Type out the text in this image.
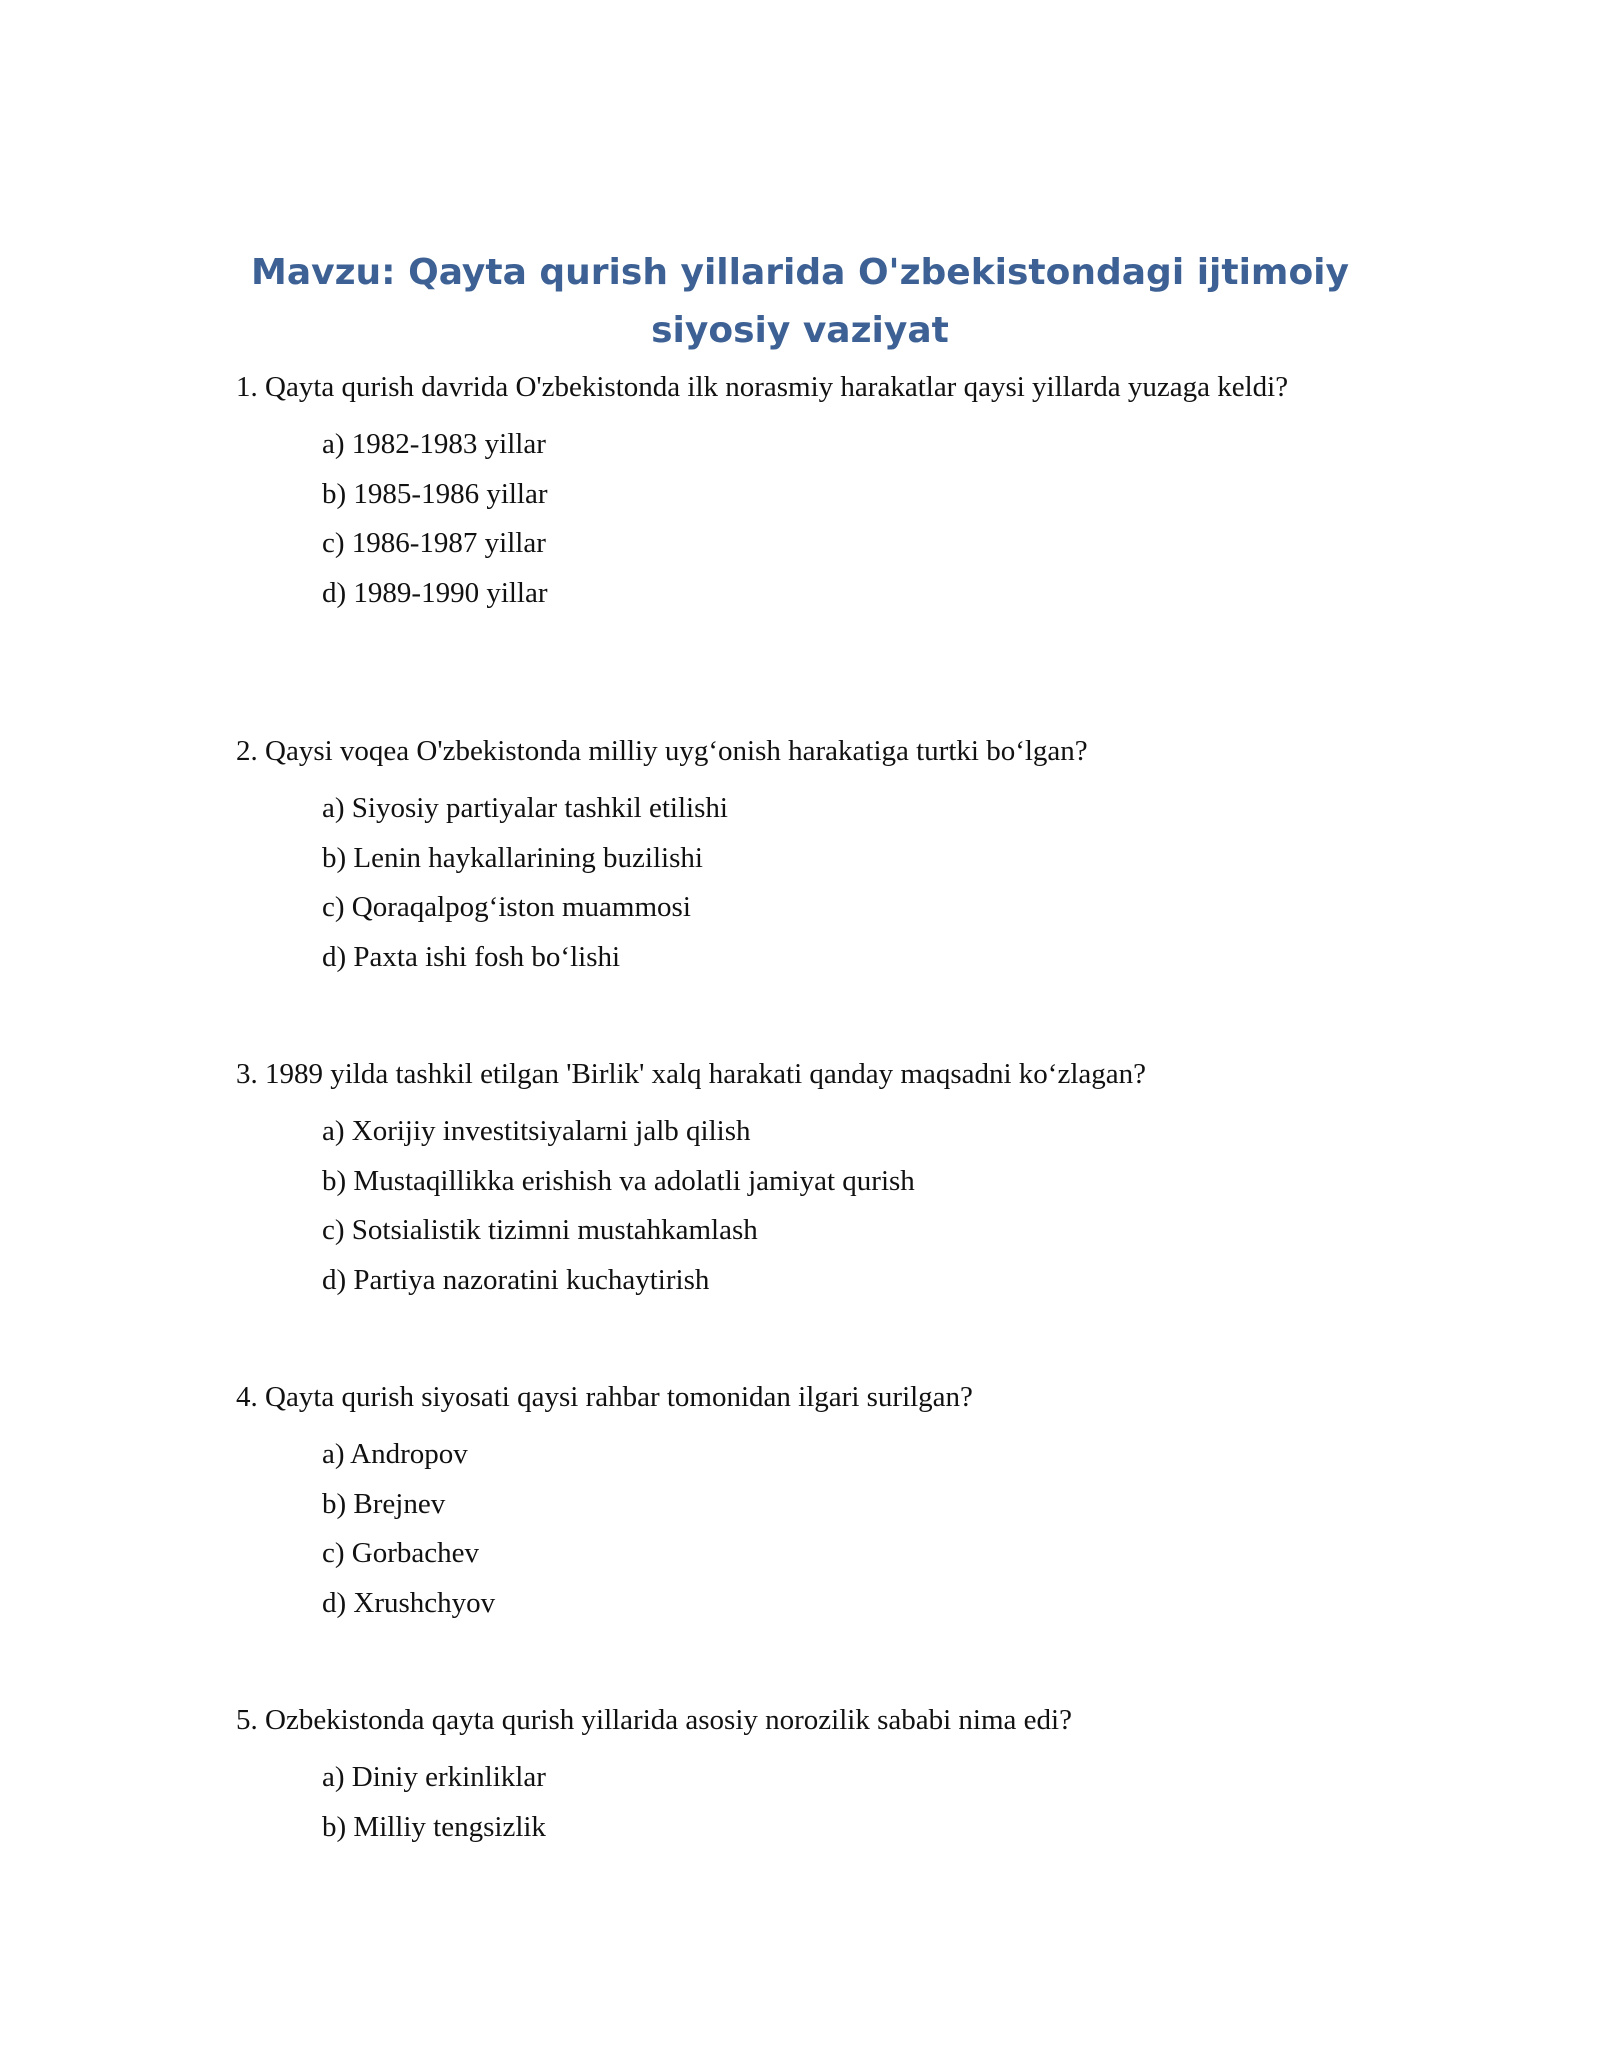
Mavzu: Qayta qurish yillarida O'zbekistondagi ijtimoiy siyosiy vaziyat

1. Qayta qurish davrida O'zbekistonda ilk norasmiy harakatlar qaysi yillarda yuzaga keldi?

a) 1982-1983 yillar
b) 1985-1986 yillar
c) 1986-1987 yillar
d) 1989-1990 yillar

2. Qaysi voqea O'zbekistonda milliy uyg‘onish harakatiga turtki bo‘lgan?

a) Siyosiy partiyalar tashkil etilishi
b) Lenin haykallarining buzilishi
c) Qoraqalpog‘iston muammosi
d) Paxta ishi fosh bo‘lishi

3. 1989 yilda tashkil etilgan 'Birlik' xalq harakati qanday maqsadni ko‘zlagan?

a) Xorijiy investitsiyalarni jalb qilish
b) Mustaqillikka erishish va adolatli jamiyat qurish
c) Sotsialistik tizimni mustahkamlash
d) Partiya nazoratini kuchaytirish

4. Qayta qurish siyosati qaysi rahbar tomonidan ilgari surilgan?

a) Andropov
b) Brejnev
c) Gorbachev
d) Xrushchyov

5. Ozbekistonda qayta qurish yillarida asosiy norozilik sababi nima edi?

a) Diniy erkinliklar
b) Milliy tengsizlik
